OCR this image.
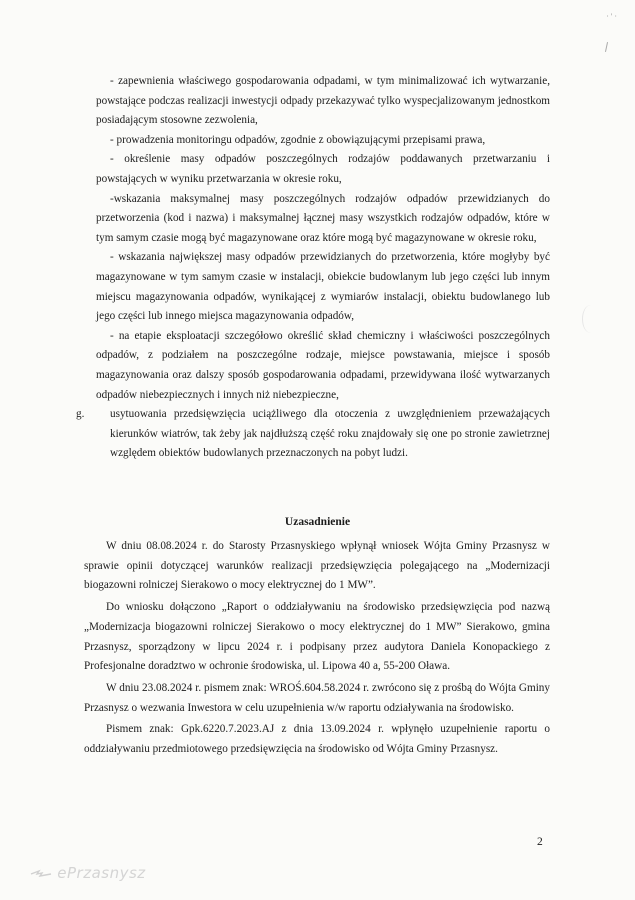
· ' ·

- zapewnienia właściwego gospodarowania odpadami, w tym minimalizować ich wytwarzanie, powstające podczas realizacji inwestycji odpady przekazywać tylko wyspecjalizowanym jednostkom posiadającym stosowne zezwolenia,

- prowadzenia monitoringu odpadów, zgodnie z obowiązującymi przepisami prawa,

- określenie masy odpadów poszczególnych rodzajów poddawanych przetwarzaniu i powstających w wyniku przetwarzania w okresie roku,

-wskazania maksymalnej masy poszczególnych rodzajów odpadów przewidzianych do przetworzenia (kod i nazwa) i maksymalnej łącznej masy wszystkich rodzajów odpadów, które w tym samym czasie mogą być magazynowane oraz które mogą być magazynowane w okresie roku,

- wskazania największej masy odpadów przewidzianych do przetworzenia, które mogłyby być magazynowane w tym samym czasie w instalacji, obiekcie budowlanym lub jego części lub innym miejscu magazynowania odpadów, wynikającej z wymiarów instalacji, obiektu budowlanego lub jego części lub innego miejsca magazynowania odpadów,

- na etapie eksploatacji szczegółowo określić skład chemiczny i właściwości poszczególnych odpadów, z podziałem na poszczególne rodzaje, miejsce powstawania, miejsce i sposób magazynowania oraz dalszy sposób gospodarowania odpadami, przewidywana ilość wytwarzanych odpadów niebezpiecznych i innych niż niebezpieczne,

g. usytuowania przedsięwzięcia uciążliwego dla otoczenia z uwzględnieniem przeważających kierunków wiatrów, tak żeby jak najdłuższą część roku znajdowały się one po stronie zawietrznej względem obiektów budowlanych przeznaczonych na pobyt ludzi.

Uzasadnienie

W dniu 08.08.2024 r. do Starosty Przasnyskiego wpłynął wniosek Wójta Gminy Przasnysz w sprawie opinii dotyczącej warunków realizacji przedsięwzięcia polegającego na „Modernizacji biogazowni rolniczej Sierakowo o mocy elektrycznej do 1 MW”.

Do wniosku dołączono „Raport o oddziaływaniu na środowisko przedsięwzięcia pod nazwą „Modernizacja biogazowni rolniczej Sierakowo o mocy elektrycznej do 1 MW” Sierakowo, gmina Przasnysz, sporządzony w lipcu 2024 r. i podpisany przez audytora Daniela Konopackiego z Profesjonalne doradztwo w ochronie środowiska, ul. Lipowa 40 a, 55-200 Oława.

W dniu 23.08.2024 r. pismem znak: WROŚ.604.58.2024 r. zwrócono się z prośbą do Wójta Gminy Przasnysz o wezwania Inwestora w celu uzupełnienia w/w raportu odziaływania na środowisko.

Pismem znak: Gpk.6220.7.2023.AJ z dnia 13.09.2024 r. wpłynęło uzupełnienie raportu o oddziaływaniu przedmiotowego przedsięwzięcia na środowisko od Wójta Gminy Przasnysz.

2
ePrzasnysz
